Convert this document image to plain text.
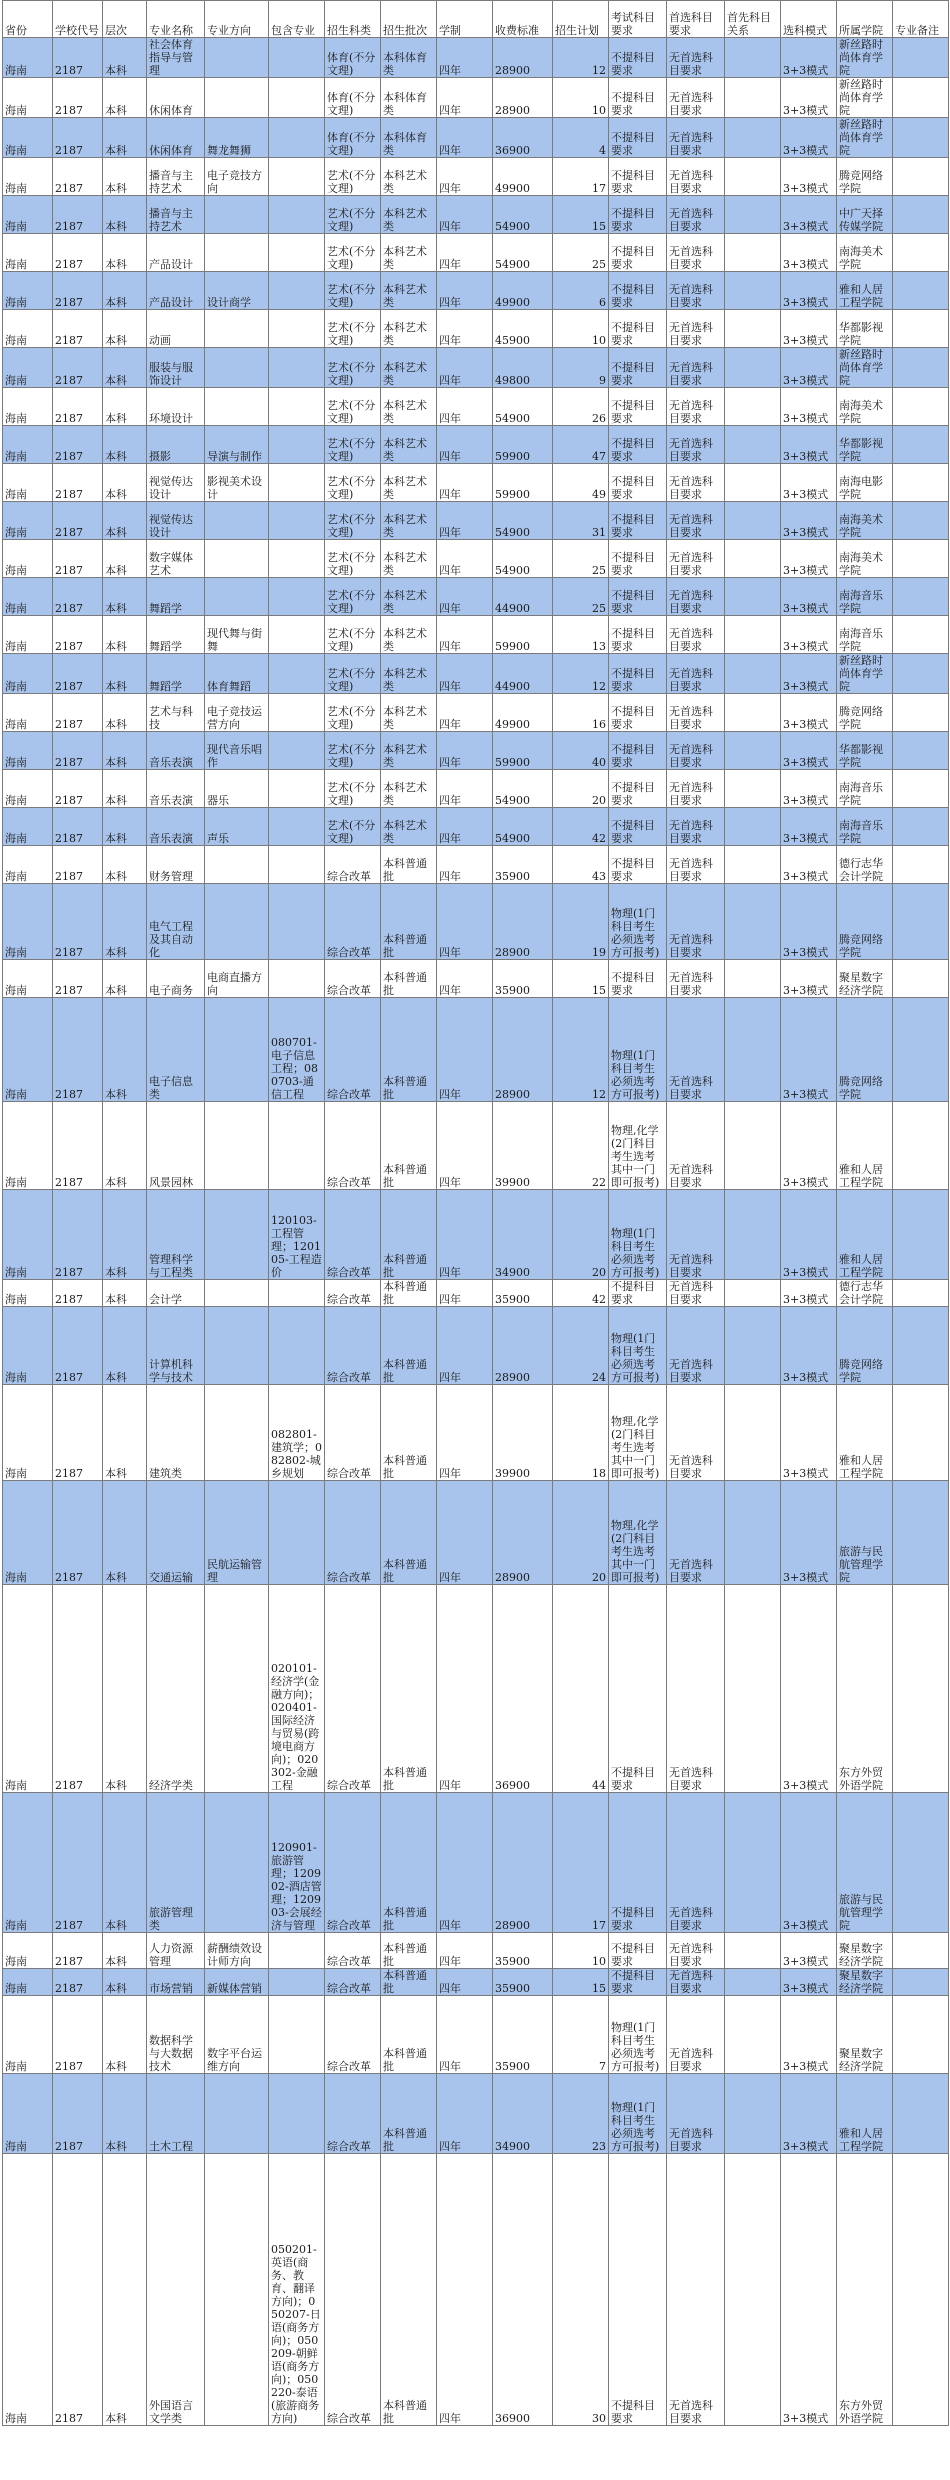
省份	学校代号	层次	专业名称	专业方向	包含专业	招生科类	招生批次	学制	收费标准	招生计划	考试科目要求	首选科目要求	首先科目关系	选科模式	所属学院	专业备注
海南	2187	本科	社会体育指导与管理			体育(不分文理)	本科体育类	四年	28900	12	不提科目要求	无首选科目要求		3+3模式	新丝路时尚体育学院	
海南	2187	本科	休闲体育			体育(不分文理)	本科体育类	四年	28900	10	不提科目要求	无首选科目要求		3+3模式	新丝路时尚体育学院	
海南	2187	本科	休闲体育	舞龙舞狮		体育(不分文理)	本科体育类	四年	36900	4	不提科目要求	无首选科目要求		3+3模式	新丝路时尚体育学院	
海南	2187	本科	播音与主持艺术	电子竞技方向		艺术(不分文理)	本科艺术类	四年	49900	17	不提科目要求	无首选科目要求		3+3模式	腾竞网络学院	
海南	2187	本科	播音与主持艺术			艺术(不分文理)	本科艺术类	四年	54900	15	不提科目要求	无首选科目要求		3+3模式	中广天择传媒学院	
海南	2187	本科	产品设计			艺术(不分文理)	本科艺术类	四年	54900	25	不提科目要求	无首选科目要求		3+3模式	南海美术学院	
海南	2187	本科	产品设计	设计商学		艺术(不分文理)	本科艺术类	四年	49900	6	不提科目要求	无首选科目要求		3+3模式	雅和人居工程学院	
海南	2187	本科	动画			艺术(不分文理)	本科艺术类	四年	45900	10	不提科目要求	无首选科目要求		3+3模式	华都影视学院	
海南	2187	本科	服装与服饰设计			艺术(不分文理)	本科艺术类	四年	49800	9	不提科目要求	无首选科目要求		3+3模式	新丝路时尚体育学院	
海南	2187	本科	环境设计			艺术(不分文理)	本科艺术类	四年	54900	26	不提科目要求	无首选科目要求		3+3模式	南海美术学院	
海南	2187	本科	摄影	导演与制作		艺术(不分文理)	本科艺术类	四年	59900	47	不提科目要求	无首选科目要求		3+3模式	华都影视学院	
海南	2187	本科	视觉传达设计	影视美术设计		艺术(不分文理)	本科艺术类	四年	59900	49	不提科目要求	无首选科目要求		3+3模式	南海电影学院	
海南	2187	本科	视觉传达设计			艺术(不分文理)	本科艺术类	四年	54900	31	不提科目要求	无首选科目要求		3+3模式	南海美术学院	
海南	2187	本科	数字媒体艺术			艺术(不分文理)	本科艺术类	四年	54900	25	不提科目要求	无首选科目要求		3+3模式	南海美术学院	
海南	2187	本科	舞蹈学			艺术(不分文理)	本科艺术类	四年	44900	25	不提科目要求	无首选科目要求		3+3模式	南海音乐学院	
海南	2187	本科	舞蹈学	现代舞与街舞		艺术(不分文理)	本科艺术类	四年	59900	13	不提科目要求	无首选科目要求		3+3模式	南海音乐学院	
海南	2187	本科	舞蹈学	体育舞蹈		艺术(不分文理)	本科艺术类	四年	44900	12	不提科目要求	无首选科目要求		3+3模式	新丝路时尚体育学院	
海南	2187	本科	艺术与科技	电子竞技运营方向		艺术(不分文理)	本科艺术类	四年	49900	16	不提科目要求	无首选科目要求		3+3模式	腾竞网络学院	
海南	2187	本科	音乐表演	现代音乐唱作		艺术(不分文理)	本科艺术类	四年	59900	40	不提科目要求	无首选科目要求		3+3模式	华都影视学院	
海南	2187	本科	音乐表演	器乐		艺术(不分文理)	本科艺术类	四年	54900	20	不提科目要求	无首选科目要求		3+3模式	南海音乐学院	
海南	2187	本科	音乐表演	声乐		艺术(不分文理)	本科艺术类	四年	54900	42	不提科目要求	无首选科目要求		3+3模式	南海音乐学院	
海南	2187	本科	财务管理			综合改革	本科普通批	四年	35900	43	不提科目要求	无首选科目要求		3+3模式	德行志华会计学院	
海南	2187	本科	电气工程及其自动化			综合改革	本科普通批	四年	28900	19	物理(1门科目考生必须选考方可报考)	无首选科目要求		3+3模式	腾竞网络学院	
海南	2187	本科	电子商务	电商直播方向		综合改革	本科普通批	四年	35900	15	不提科目要求	无首选科目要求		3+3模式	聚星数字经济学院	
海南	2187	本科	电子信息类		080701-电子信息工程；080703-通信工程	综合改革	本科普通批	四年	28900	12	物理(1门科目考生必须选考方可报考)	无首选科目要求		3+3模式	腾竞网络学院	
海南	2187	本科	风景园林			综合改革	本科普通批	四年	39900	22	物理,化学(2门科目考生选考其中一门即可报考)	无首选科目要求		3+3模式	雅和人居工程学院	
海南	2187	本科	管理科学与工程类		120103-工程管理；120105-工程造价	综合改革	本科普通批	四年	34900	20	物理(1门科目考生必须选考方可报考)	无首选科目要求		3+3模式	雅和人居工程学院	
海南	2187	本科	会计学			综合改革	本科普通批	四年	35900	42	不提科目要求	无首选科目要求		3+3模式	德行志华会计学院	
海南	2187	本科	计算机科学与技术			综合改革	本科普通批	四年	28900	24	物理(1门科目考生必须选考方可报考)	无首选科目要求		3+3模式	腾竞网络学院	
海南	2187	本科	建筑类		082801-建筑学；082802-城乡规划	综合改革	本科普通批	四年	39900	18	物理,化学(2门科目考生选考其中一门即可报考)	无首选科目要求		3+3模式	雅和人居工程学院	
海南	2187	本科	交通运输	民航运输管理		综合改革	本科普通批	四年	28900	20	物理,化学(2门科目考生选考其中一门即可报考)	无首选科目要求		3+3模式	旅游与民航管理学院	
海南	2187	本科	经济学类		020101-经济学(金融方向)；020401-国际经济与贸易(跨境电商方向)；020302-金融工程	综合改革	本科普通批	四年	36900	44	不提科目要求	无首选科目要求		3+3模式	东方外贸外语学院	
海南	2187	本科	旅游管理类		120901-旅游管理；120902-酒店管理；120903-会展经济与管理	综合改革	本科普通批	四年	28900	17	不提科目要求	无首选科目要求		3+3模式	旅游与民航管理学院	
海南	2187	本科	人力资源管理	薪酬绩效设计师方向		综合改革	本科普通批	四年	35900	10	不提科目要求	无首选科目要求		3+3模式	聚星数字经济学院	
海南	2187	本科	市场营销	新媒体营销		综合改革	本科普通批	四年	35900	15	不提科目要求	无首选科目要求		3+3模式	聚星数字经济学院	
海南	2187	本科	数据科学与大数据技术	数字平台运维方向		综合改革	本科普通批	四年	35900	7	物理(1门科目考生必须选考方可报考)	无首选科目要求		3+3模式	聚星数字经济学院	
海南	2187	本科	土木工程			综合改革	本科普通批	四年	34900	23	物理(1门科目考生必须选考方可报考)	无首选科目要求		3+3模式	雅和人居工程学院	
海南	2187	本科	外国语言文学类		050201-英语(商务、教育、翻译方向)；050207-日语(商务方向)；050209-朝鲜语(商务方向)；050220-泰语(旅游商务方向)	综合改革	本科普通批	四年	36900	30	不提科目要求	无首选科目要求		3+3模式	东方外贸外语学院	
